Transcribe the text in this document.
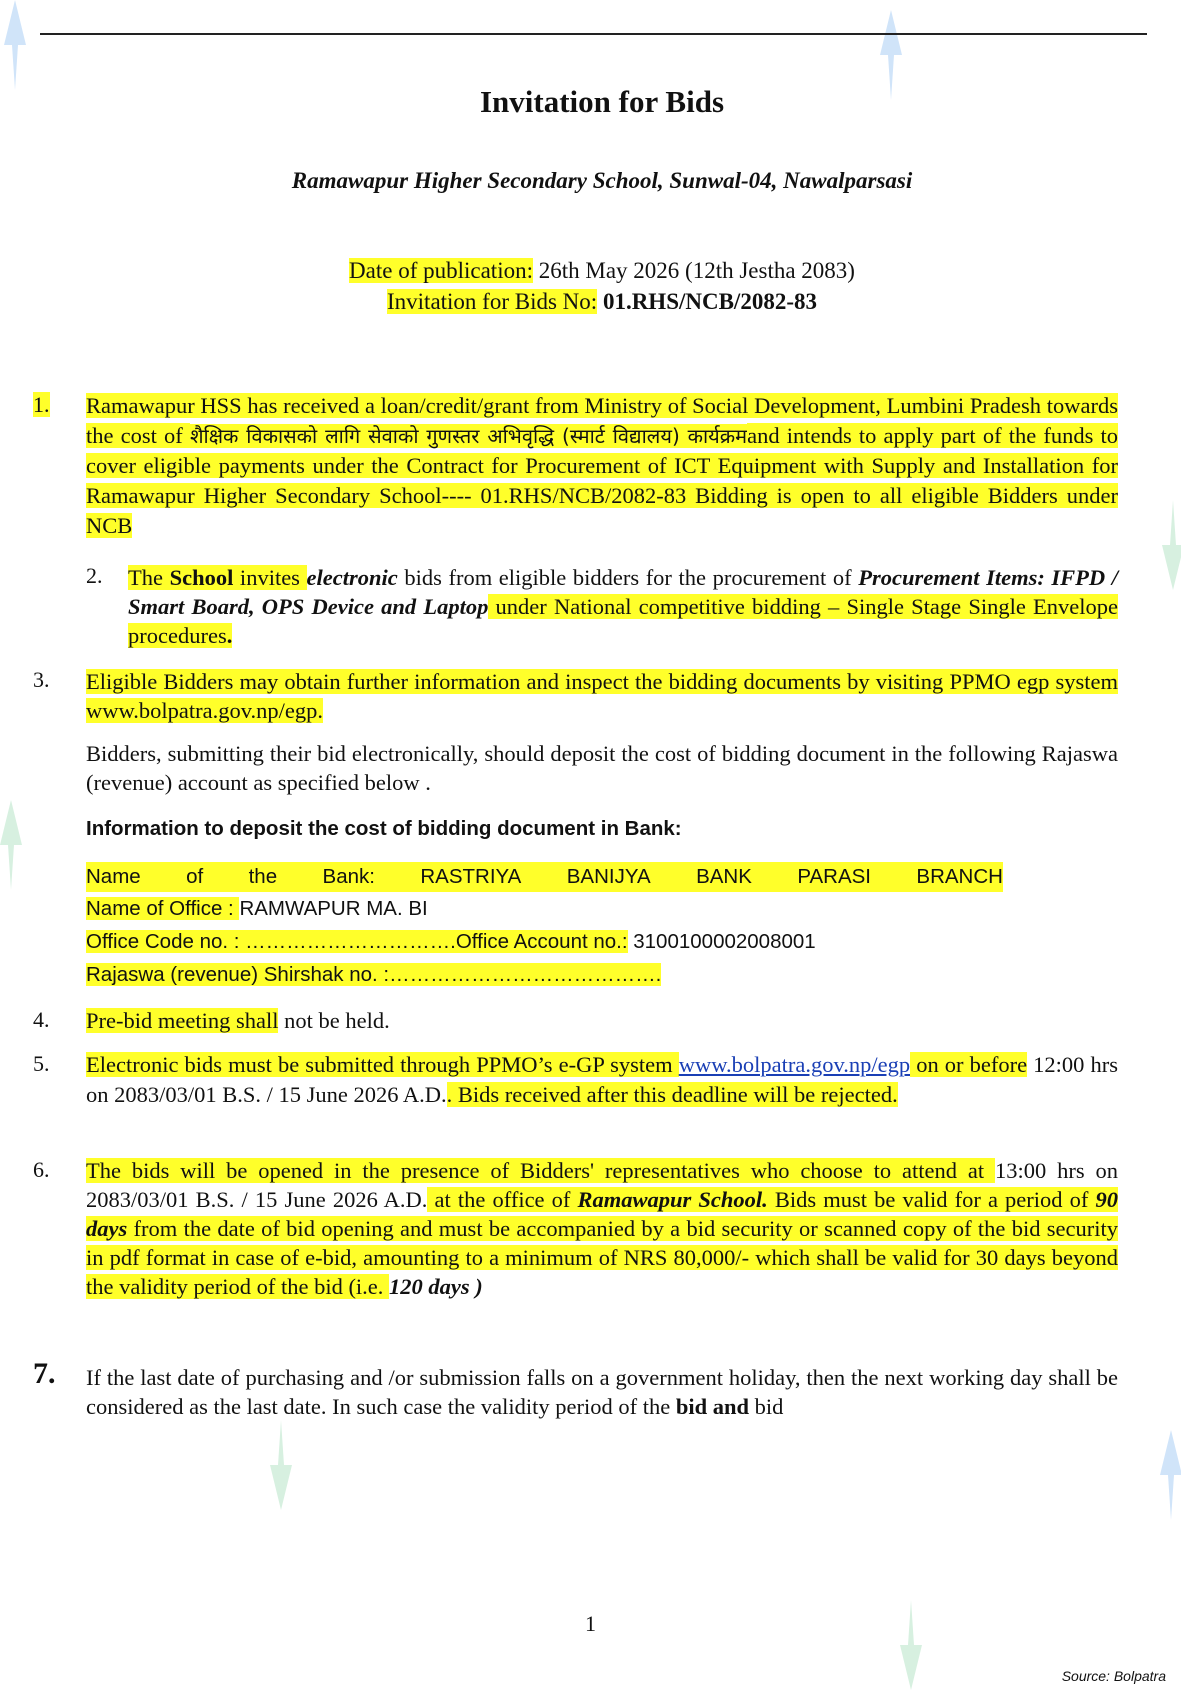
Invitation for Bids
Ramawapur Higher Secondary School, Sunwal-04, Nawalparsasi
Date of publication: 26th May 2026 (12th Jestha 2083)
Invitation for Bids No: 01.RHS/NCB/2082-83
1. Ramawapur HSS has received a loan/credit/grant from Ministry of Social Development, Lumbini Pradesh towards the cost of शैक्षिक विकासको लागि सेवाको गुणस्तर अभिवृद्धि (स्मार्ट विद्यालय) कार्यक्रमand intends to apply part of the funds to cover eligible payments under the Contract for Procurement of ICT Equipment with Supply and Installation for Ramawapur Higher Secondary School---- 01.RHS/NCB/2082-83 Bidding is open to all eligible Bidders under NCB
2. The School invites electronic bids from eligible bidders for the procurement of Procurement Items: IFPD / Smart Board, OPS Device and Laptop under National competitive bidding – Single Stage Single Envelope procedures.
3. Eligible Bidders may obtain further information and inspect the bidding documents by visiting PPMO egp system www.bolpatra.gov.np/egp.
Bidders, submitting their bid electronically, should deposit the cost of bidding document in the following Rajaswa (revenue) account as specified below .
Information to deposit the cost of bidding document in Bank:
Name of the Bank: RASTRIYA BANIJYA BANK PARASI BRANCH
Name of Office : RAMWAPUR MA. BI
Office Code no. : ………………………….Office Account no.: 3100100002008001
Rajaswa (revenue) Shirshak no. :………………………………….
4. Pre-bid meeting shall not be held.
5. Electronic bids must be submitted through PPMO’s e-GP system www.bolpatra.gov.np/egp on or before 12:00 hrs on 2083/03/01 B.S. / 15 June 2026 A.D.. Bids received after this deadline will be rejected.
6. The bids will be opened in the presence of Bidders' representatives who choose to attend at 13:00 hrs on 2083/03/01 B.S. / 15 June 2026 A.D. at the office of Ramawapur School. Bids must be valid for a period of 90 days from the date of bid opening and must be accompanied by a bid security or scanned copy of the bid security in pdf format in case of e-bid, amounting to a minimum of NRS 80,000/- which shall be valid for 30 days beyond the validity period of the bid (i.e. 120 days )
7. If the last date of purchasing and /or submission falls on a government holiday, then the next working day shall be considered as the last date. In such case the validity period of the bid and bid
1
Source: Bolpatra
